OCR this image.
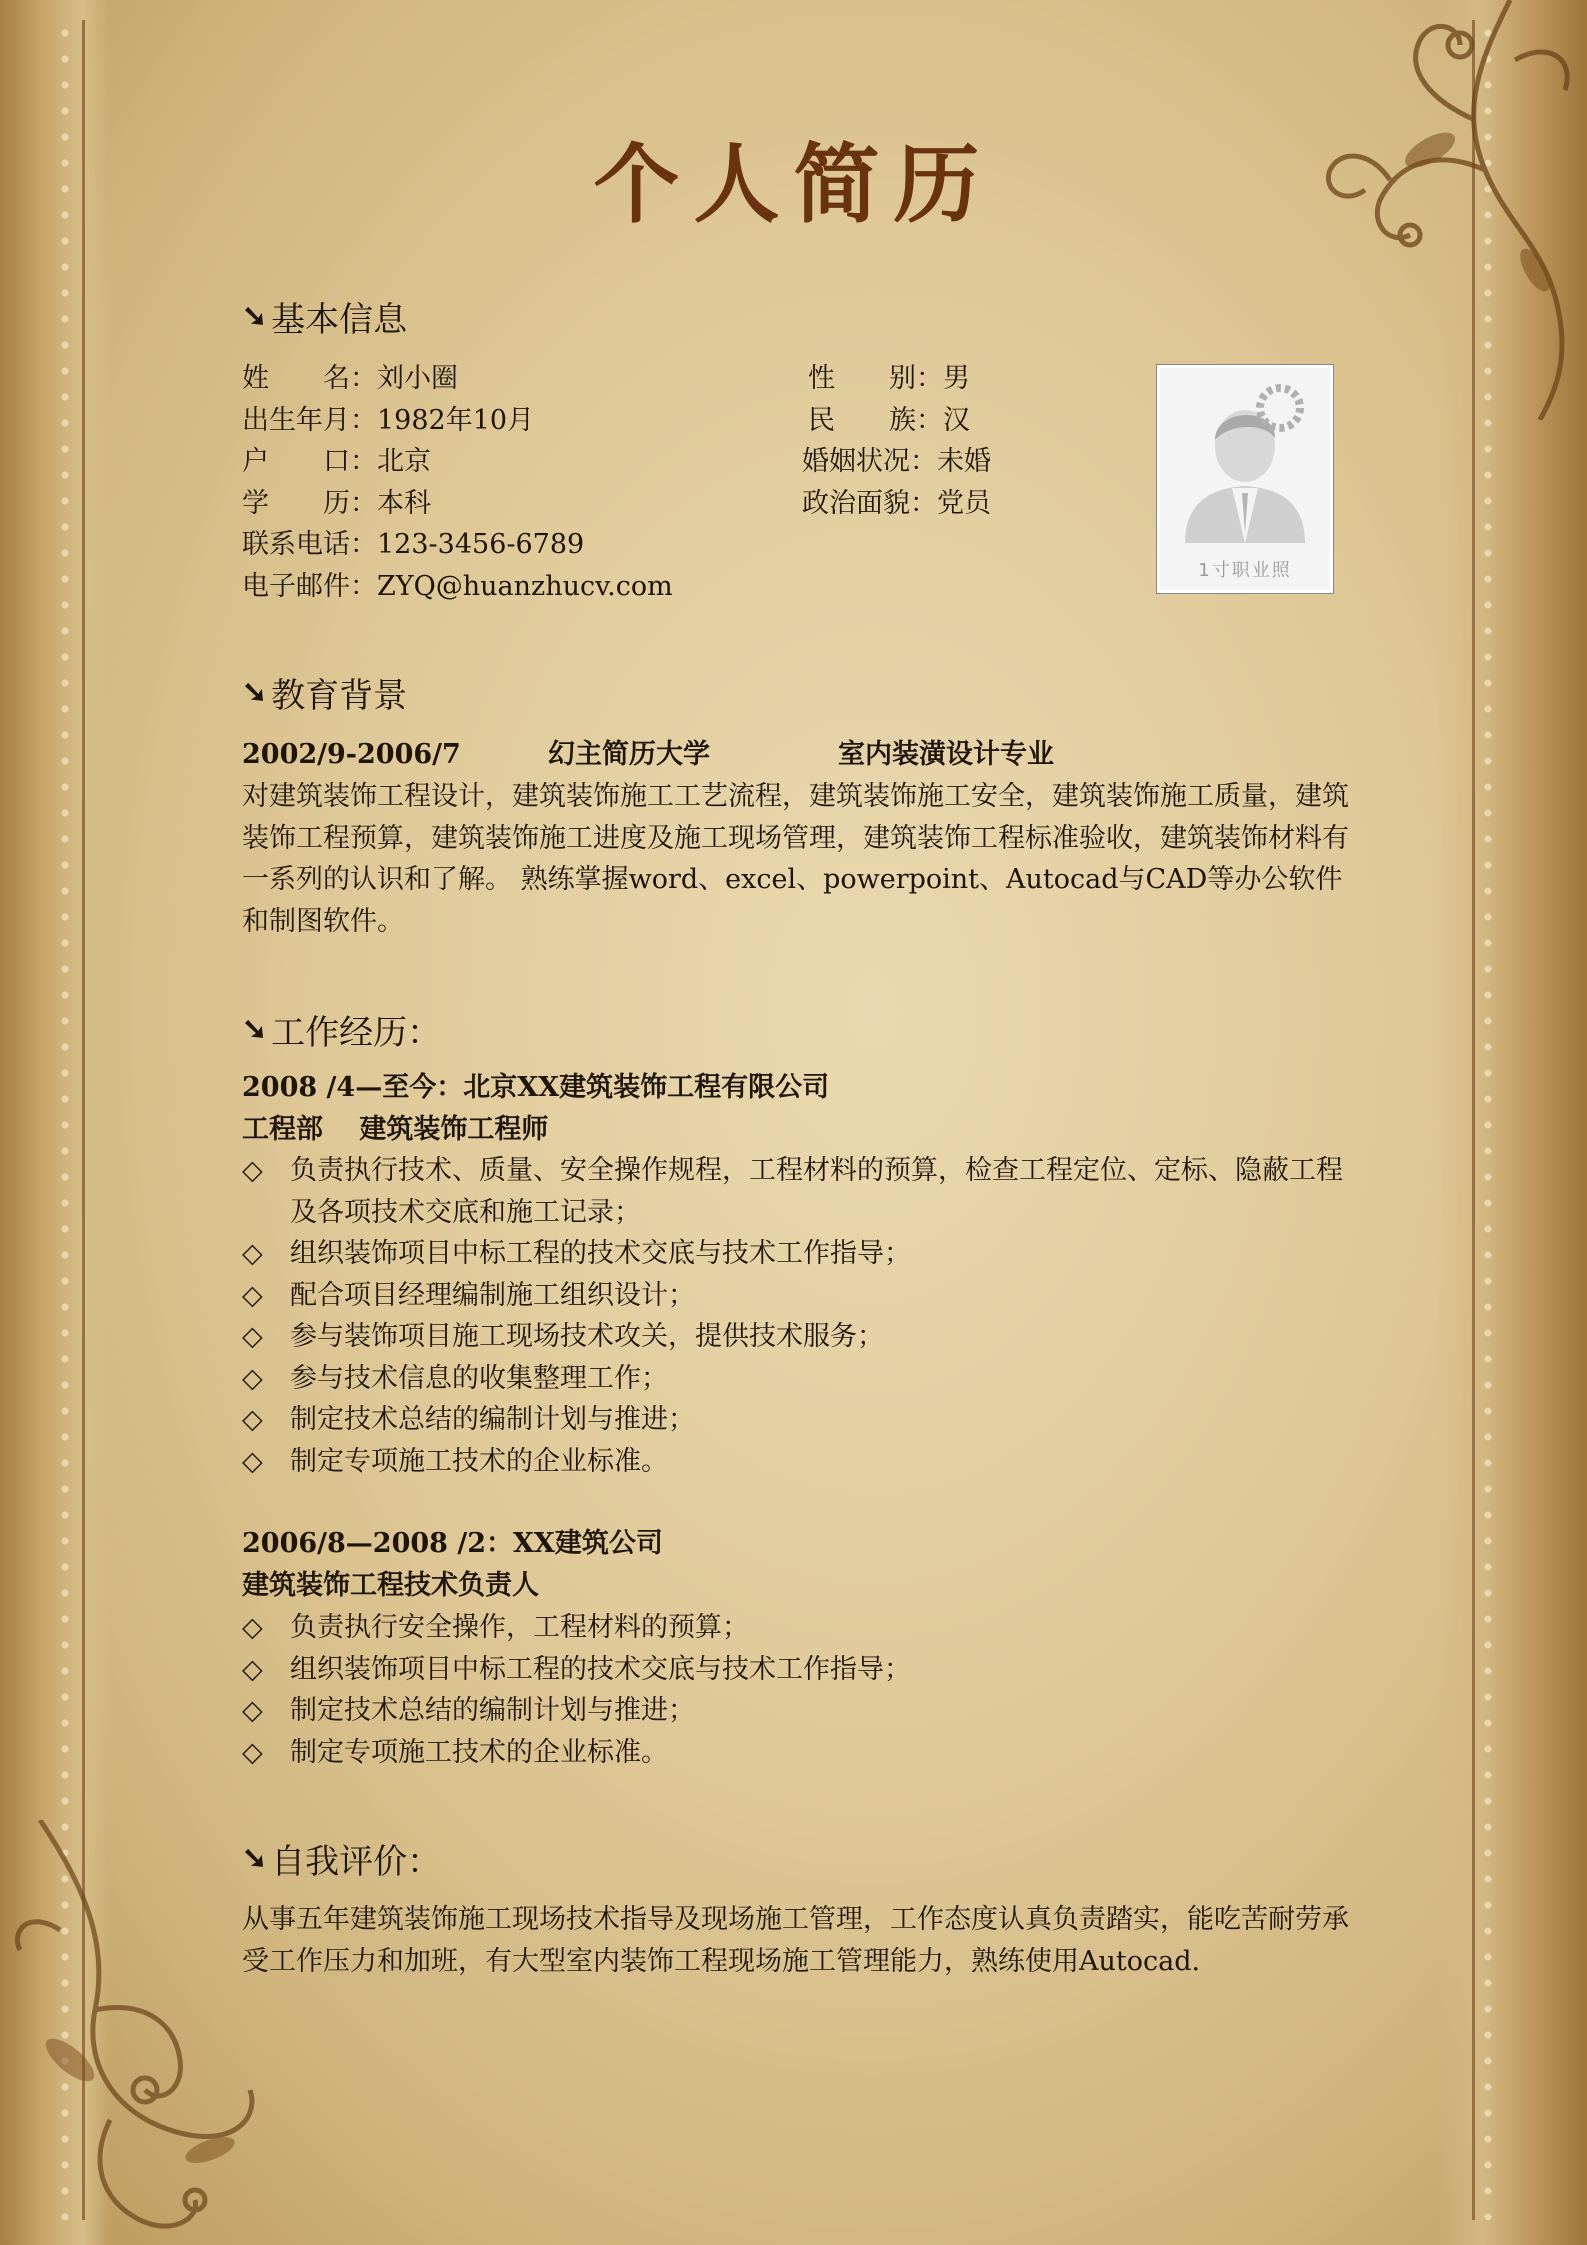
个人简历
➘ 基本信息
姓　　名：刘小圈
出生年月：1982年10月
户　　口：北京
学　　历：本科
联系电话：123-3456-6789
电子邮件：ZYQ@huanzhucv.com
性　　别：男
民　　族：汉
婚姻状况：未婚
政治面貌：党员
1寸职业照
➘ 教育背景
2002/9-2006/7	幻主简历大学	室内装潢设计专业
对建筑装饰工程设计，建筑装饰施工工艺流程，建筑装饰施工安全，建筑装饰施工质量，建筑装饰工程预算，建筑装饰施工进度及施工现场管理，建筑装饰工程标准验收，建筑装饰材料有一系列的认识和了解。 熟练掌握word、excel、powerpoint、Autocad与CAD等办公软件和制图软件。
➘ 工作经历：
2008 /4—至今：北京XX建筑装饰工程有限公司
工程部　 建筑装饰工程师
◇	负责执行技术、质量、安全操作规程，工程材料的预算，检查工程定位、定标、隐蔽工程及各项技术交底和施工记录；
◇	组织装饰项目中标工程的技术交底与技术工作指导；
◇	配合项目经理编制施工组织设计；
◇	参与装饰项目施工现场技术攻关，提供技术服务；
◇	参与技术信息的收集整理工作；
◇	制定技术总结的编制计划与推进；
◇	制定专项施工技术的企业标准。
2006/8—2008 /2：XX建筑公司
建筑装饰工程技术负责人
◇	负责执行安全操作，工程材料的预算；
◇	组织装饰项目中标工程的技术交底与技术工作指导；
◇	制定技术总结的编制计划与推进；
◇	制定专项施工技术的企业标准。
➘ 自我评价：
从事五年建筑装饰施工现场技术指导及现场施工管理，工作态度认真负责踏实，能吃苦耐劳承受工作压力和加班，有大型室内装饰工程现场施工管理能力，熟练使用Autocad.
